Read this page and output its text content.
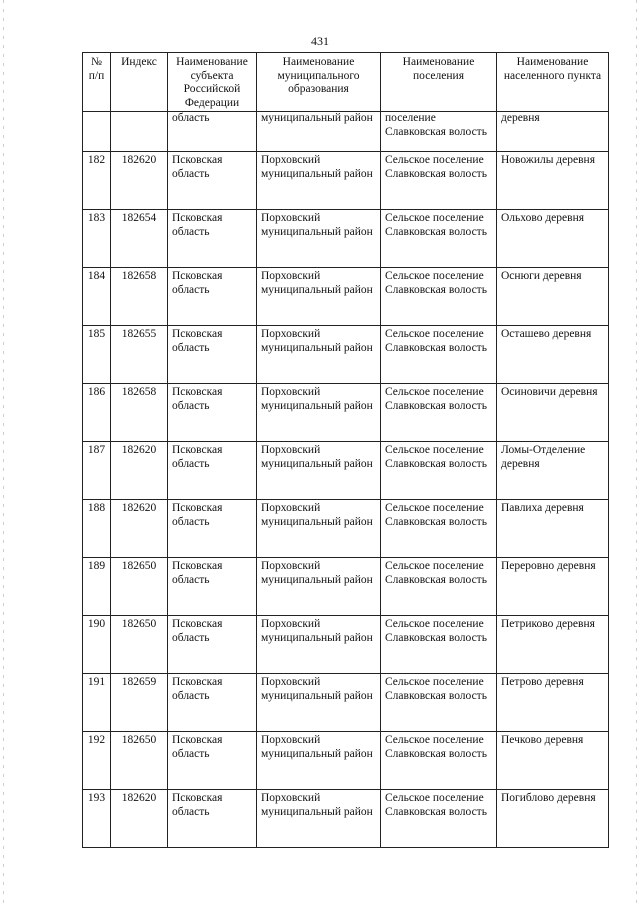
431
№ п/п	Индекс	Наименование субъекта Российской Федерации	Наименование муниципального образования	Наименование поселения	Наименование населенного пункта
		область	муниципальный район	поселение Славковская волость	деревня
182	182620	Псковская область	Порховский муниципальный район	Сельское поселение Славковская волость	Новожилы деревня
183	182654	Псковская область	Порховский муниципальный район	Сельское поселение Славковская волость	Ольхово деревня
184	182658	Псковская область	Порховский муниципальный район	Сельское поселение Славковская волость	Оснюги деревня
185	182655	Псковская область	Порховский муниципальный район	Сельское поселение Славковская волость	Осташево деревня
186	182658	Псковская область	Порховский муниципальный район	Сельское поселение Славковская волость	Осиновичи деревня
187	182620	Псковская область	Порховский муниципальный район	Сельское поселение Славковская волость	Ломы-Отделение деревня
188	182620	Псковская область	Порховский муниципальный район	Сельское поселение Славковская волость	Павлиха деревня
189	182650	Псковская область	Порховский муниципальный район	Сельское поселение Славковская волость	Переровно деревня
190	182650	Псковская область	Порховский муниципальный район	Сельское поселение Славковская волость	Петриково деревня
191	182659	Псковская область	Порховский муниципальный район	Сельское поселение Славковская волость	Петрово деревня
192	182650	Псковская область	Порховский муниципальный район	Сельское поселение Славковская волость	Печково деревня
193	182620	Псковская область	Порховский муниципальный район	Сельское поселение Славковская волость	Погиблово деревня
